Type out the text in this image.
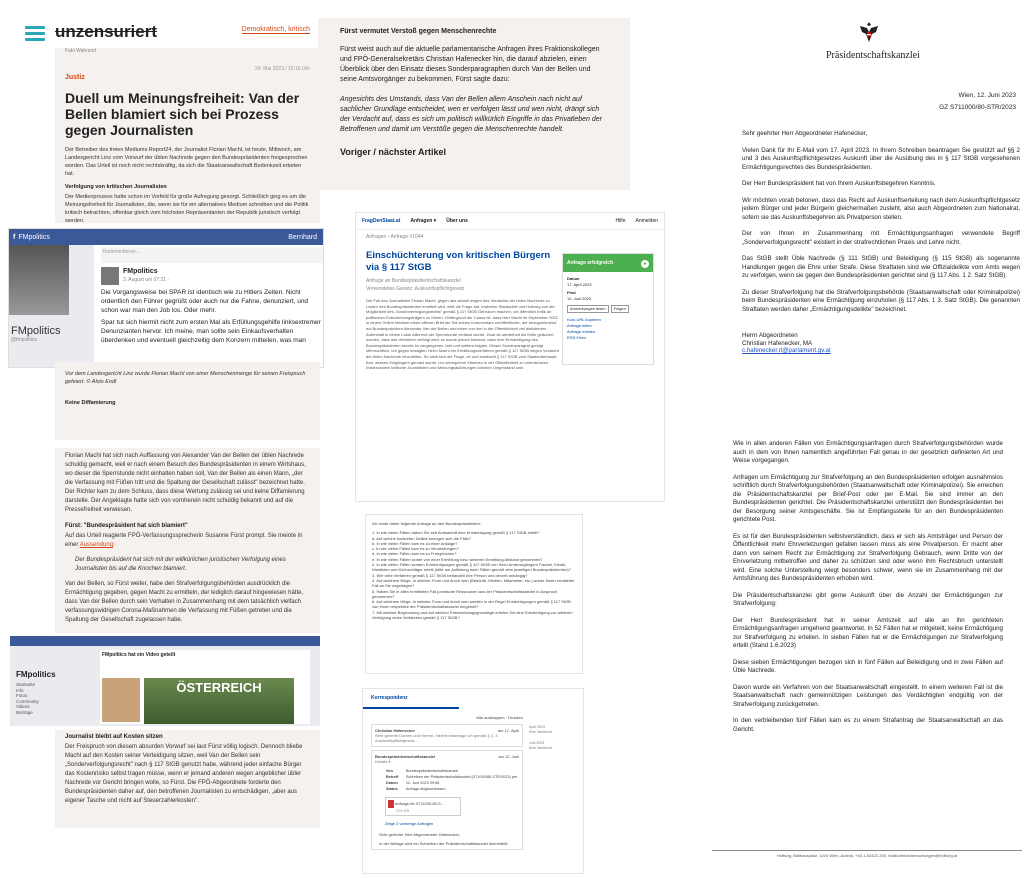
unzensuriert	Demokratisch, kritisch
Fabi Wakrund
Justiz
24. Mai 2023 / 15:16 Uhr
Duell um Meinungsfreiheit: Van der Bellen blamiert sich bei Prozess gegen Journalisten

Der Betreiber des freien Mediums Report24, der Journalist Florian Machl, ist heute, Mittwoch, am Landesgericht Linz vom Vorwurf der üblen Nachrede gegen den Bundespräsidenten freigesprochen worden. Das Urteil ist noch nicht rechtskräftig, da sich die Staatsanwaltschaft Bedenkzeit erbeten hat.

Verfolgung von kritischen Journalisten

Der Medienprozess hatte schon im Vorfeld für große Aufregung gesorgt. Schließlich ging es um die Meinungsfreiheit für Journalisten, die, wenn sie für ein alternatives Medium schreiben und die Politik kritisch betrachten, offenbar gleich vom höchsten Repräsentanten der Republik juristisch verfolgt werden.

f FMpolitics	Bernhard
FMpolitics
@fmpolitics
Kommentieren...
FMpolitics
3. August um 07:21 ·

Die Vorgangsweise bei SPAR ist identisch wie zu Hitlers Zeiten. Nicht ordentlich den Führer gegrüßt oder auch nur die Fahne, denunziert, und schon war man den Job los. Oder mehr.

Spar tut sich hiermit nicht zum ersten Mal als Erfüllungsgehilfe linksextremer Denunzianten hervor. Ich meine, man sollte sein Einkaufsverhalten überdenken und eventuell gleichzeitig dem Konzern mitteilen, was man

Vor dem Landesgericht Linz wurde Florian Machl von einer Menschenmenge für seinen Freispruch gefeiert. © Alois Endl

Keine Diffamierung

Florian Machl hat sich nach Auffassung von Alexander Van der Bellen der üblen Nachrede schuldig gemacht, weil er nach einem Besuch des Bundespräsidenten in einem Wirtshaus, wo dieser die Sperrstunde nicht einhalten haben soll, Van der Bellen als einen Mann, „der die Verfassung mit Füßen tritt und die Spaltung der Gesellschaft zulässt" bezeichnet hatte. Der Richter kam zu dem Schluss, dass diese Wertung zulässig sei und keine Diffamierung darstelle. Der Angeklagte hatte sich von vornherein nicht schuldig bekannt und auf die Pressefreiheit verwiesen.

Fürst: "Bundespräsident hat sich blamiert"

Auf das Urteil reagierte FPÖ-Verfassungssprecherin Susanne Fürst prompt. Sie meinte in einer Aussendung:

Der Bundespräsident hat sich mit der willkürlichen juristischen Verfolgung eines Journalisten bis auf die Knochen blamiert.

Van der Bellen, so Fürst weiter, habe den Strafverfolgungsbehörden ausdrücklich die Ermächtigung gegeben, gegen Machl zu ermitteln, der lediglich darauf hingewiesen hätte, dass Van der Bellen durch sein Verhalten in Zusammenhang mit dem tatsächlich vielfach verfassungswidrigen Corona-Maßnahmen die Verfassung mit Füßen getreten und die Spaltung der Gesellschaft zugelassen habe.

FMpolitics
Startseite
Info
Fotos
Community
Videos
Beiträge
FMpolitics hat ein Video geteilt
ÖSTERREICH
Journalist bleibt auf Kosten sitzen

Der Freispruch von diesem absurden Vorwurf sei laut Fürst völlig logisch. Dennoch bliebe Machl auf den Kosten seiner Verteidigung sitzen, weil Van der Bellen sein „Sonderverfolgungsrecht" nach § 117 StGB genutzt habe, während jeder einfache Bürger das Kostenrisiko selbst tragen müsse, wenn er jemand anderen wegen angeblicher übler Nachrede vor Gericht bringen wolle, so Fürst. Die FPÖ-Abgeordnete forderte den Bundespräsidenten daher auf, den betroffenen Journalisten zu entschädigen, „aber aus eigener Tasche und nicht auf Steuerzahlerkosten".

Fürst vermutet Verstoß gegen Menschenrechte

Fürst weist auch auf die aktuelle parlamentarische Anfragen ihres Fraktionskollegen und FPÖ-Generalsekretärs Christian Hafenecker hin, die darauf abzielen, einen Überblick über den Einsatz dieses Sonderparagraphen durch Van der Bellen und seine Amtsvorgänger zu bekommen. Fürst sagte dazu:

Angesichts des Umstands, dass Van der Bellen allem Anschein nach nicht auf sachlicher Grundlage entscheidet, wen er verfolgen lässt und wen nicht, drängt sich der Verdacht auf, dass es sich um politisch willkürlich Eingriffe in das Privatleben der Betroffenen und damit um Verstöße gegen die Menschenrechte handelt.

Voriger / nächster Artikel
FragDenStaat.at Anfragen ▾ Über uns	Hilfe Anmelden
Anfragen › Anfrage #1044
Einschüchterung von kritischen Bürgern via § 117 StGB
Anfrage an Bundespräsidentschaftskanzlei
Verwendetes Gesetz: Auskunftspflichtgesetz

Der Fall des Journalisten Florian Machl, gegen des aktuell wegen des Verdachts der üblen Nachrede zu Lasten des Bundespräsidenten ermittelt wird, wirft die Frage auf, inwiefern Staatschef und Hofburg von der Möglichkeit des „Sonderverfolgungsrechts" gemäß § 117 StGB Gebrauch machen, um öffentlich Kritik an politischen Entscheidungsträgern zu führen. Hintergrund der Causa ist, dass Herr Machl im September 2022 in einem Online-Medium einen offenen Brief als Teil seines Kommentars veröffentlichte, der bezugnehmend auf Bundespräsident Alexander Van der Bellen und einen von ihm in der Öffentlichkeit viel diskutierten Aufenthalt in einem Lokal während der Sperrstunde verfasst wurde. Zwar ist wiederholt die Kritik geäußert worden, dass das Verfahren verfolgt wird; es wurde jedoch bekannt, dass eine Ermächtigung des Bundespräsidenten bereits im vergangenen Jahr und weitere folgten. Dieser Sonderparagraf genügt offensichtlich, um gegen besagten Herrn Machl ein Ermittlungsverfahren gemäß § 117 StGB wegen Verdacht der üblen Nachrede einzuleiten. So stellt sich die Frage, ob und inwieweit § 117 StGB vom Staatsoberhaupt bzw. dessen Vorgängern genutzt wurde, um unbequeme Stimmen in der Öffentlichkeit zu unterdrücken. Insbesondere kritische Journalisten und Meinungsäußerungen könnten Gegenstand sein.

Anfrage erfolgreich	●
Datum
17. April 2023
Frist
12. Juni 2023
Anmerkungen lesen	Folgen
Kurz-URL kopieren
Anfrage teilen
Anfrage melden
RSS-Feed
Ich richte daher folgende Anfrage an den Bundespräsidenten:
1. In wie vielen Fällen haben Sie seit Amtsantritt eine Ermächtigung gemäß § 117 StGB erteilt?
a. Auf welche konkreten Delikte bezogen sich die Fälle?
b. In wie vielen Fällen kam es zu einer Anklage?
c. In wie vielen Fällen kam es zu Verurteilungen?
d. In wie vielen Fällen kam es zu Freisprüchen?
e. In wie vielen Fällen wurde von einer Ermittlung bzw. weiteren Ermittlung Abstand genommen?
2. In wie vielen Fällen wurden Ermächtigungen gemäß § 117 StGB von Ihren Amtsvorgängern Fischer, Klestil, Waldheim und Kirchschläger erteilt (bitte um Auflistung nach Fällen gemäß dem jeweiligen Bundespräsidenten)?
3. Wie viele Verfahren gemäß § 117 StGB behandelt Ihre Person und derzeit anhängig?
4. Auf welchem Wege, in welcher Form und durch wen (Behörde, Medien, Mitarbeiter, etc.) wurde Ihnen ermittelter Fall an Sie zugetragen?
5. Haben Sie in allen ermittelten Fall juristische Ressourcen aus der Präsidentschaftskanzlei in Anspruch genommen?
6. Auf welchem Wege, in welcher Form und durch wen werden in der Regel Ermächtigungen gemäß § 117 StGB von Ihnen respektive der Präsidentschaftskanzlei eingeholt?
7. Mit welcher Begründung und auf welcher Entscheidungsgrundlage erteilen Sie eine Ermächtigung zur weiteren Verfolgung eines Verfahrens gemäß § 117 StGB?
Korrespondenz
Alle ausklappen · Drucken
April 2023
Eine Nachricht
Juni 2023
Eine Nachricht
Christian Hafenecker	am 17. April
Sehr geehrte Damen und Herren, hiermit beantrage ich gemäß § 2, 3 Auskunftspflichtgesetz...
Bundespräsidentschaftskanzlei	am 12. Juni
Details ▾
Von	Bundespräsidentschaftskanzlei
Betreff	Schreiben der Präsidentschaftskanzlei (S71000/80-STR/2023) per
Datum	12. Juni 2023 09:08
Status	Anfrage abgeschlossen
Anfrage-Nr-0711000-80-S...
230 KB
Zeige 2 vorherige Anfragen
Sehr geehrter Herr Abgeordneter Hafenecker,
In der Beilage wird ein Schreiben der Präsidentschaftskanzlei übermittelt.
Präsidentschaftskanzlei
Wien, 12. Juni 2023
GZ S711000/80-STR/2023

Sehr geehrter Herr Abgeordneter Hafenecker,

Vielen Dank für Ihr E-Mail vom 17. April 2023. In Ihrem Schreiben beantragen Sie gestützt auf §§ 2 und 3 des Auskunftspflichtgesetzes Auskunft über die Ausübung des in § 117 StGB vorgesehenen Ermächtigungsrechtes des Bundespräsidenten.

Der Herr Bundespräsident hat von Ihrem Auskunftsbegehren Kenntnis.

Wir möchten vorab betonen, dass das Recht auf Auskunftserteilung nach dem Auskunftspflichtgesetz jedem Bürger und jeder Bürgerin gleichermaßen zusteht, also auch Abgeordneten zum Nationalrat, sofern sie das Auskunftsbegehren als Privatperson stellen.

Der von Ihnen im Zusammenhang mit Ermächtigungsanfragen verwendete Begriff „Sonderverfolgungsrecht" existiert in der strafrechtlichen Praxis und Lehre nicht.

Das StGB stellt Üble Nachrede (§ 111 StGB) und Beleidigung (§ 115 StGB) als sogenannte Handlungen gegen die Ehre unter Strafe. Diese Straftaten sind wie Offizialdelikte vom Amts wegen zu verfolgen, wenn sie gegen den Bundespräsidenten gerichtet sind (§ 117 Abs. 1 2. Satz StGB).

Zu dieser Strafverfolgung hat die Strafverfolgungsbehörde (Staatsanwaltschaft oder Kriminalpolizei) beim Bundespräsidenten eine Ermächtigung einzuholen (§ 117 Abs. 1 3. Satz StGB). Die genannten Straftaten werden daher „Ermächtigungsdelikte" bezeichnet.

Herrn Abgeordneten
Christian Hafenecker, MA
c.hafenecker.rl@parlament.gv.at

Wie in allen anderen Fällen von Ermächtigungsanfragen durch Strafverfolgungsbehörden wurde auch in dem von Ihnen namentlich angeführten Fall genau in der gesetzlich definierten Art und Weise vorgegangen.

Anfragen um Ermächtigung zur Strafverfolgung an den Bundespräsidenten erfolgen ausnahmslos schriftlich durch Strafverfolgungsbehörden (Staatsanwaltschaft oder Kriminalpolizei). Sie erreichen die Präsidentschaftskanzlei per Brief-Post oder per E-Mail. Sie sind immer an den Bundespräsidenten gerichtet. Die Präsidentschaftskanzlei unterstützt den Bundespräsidenten bei der Besorgung seiner Amtsgeschäfte. Sie ist Empfangsstelle für an den Bundespräsidenten gerichtete Post.

Es ist für den Bundespräsidenten selbstverständlich, dass er sich als Amtsträger und Person der Öffentlichkeit mehr Ehrverletzungen gefallen lassen muss als eine Privatperson. Er macht aber dann von seinem Recht zur Ermächtigung zur Strafverfolgung Gebrauch, wenn Dritte von der Ehrverletzung mitbetroffen und daher zu schützen sind oder wenn ihm Rechtsbruch unterstellt wird. Eine solche Unterstellung wiegt besonders schwer, wenn sie im Zusammenhang mit der Amtsführung des Bundespräsidenten erhoben wird.

Die Präsidentschaftskanzlei gibt gerne Auskunft über die Anzahl der Ermächtigungen zur Strafverfolgung:

Der Herr Bundespräsident hat in seiner Amtszeit auf alle an ihn gerichteten Ermächtigungsanfragen umgehend geantwortet. In 52 Fällen hat er mitgeteilt, keine Ermächtigung zur Strafverfolgung zu erteilen. In sieben Fällen hat er die Ermächtigungen zur Strafverfolgung erteilt (Stand 1.6.2023)

Diese sieben Ermächtigungen bezogen sich in fünf Fällen auf Beleidigung und in zwei Fällen auf Üble Nachrede.

Davon wurde ein Verfahren von der Staatsanwaltschaft eingestellt. In einem weiteren Fall ist die Staatsanwaltschaft nach gemeinnützigen Leistungen des Verdächtigten endgültig von der Strafverfolgung zurückgetreten.

In den verbleibenden fünf Fällen kam es zu einem Strafantrag der Staatsanwaltschaft an das Gericht.

Hofburg, Ballhausplatz, 1010 Wien, Austria, +43-1-53422-330, mailto:bekanntmachungen@hofburg.at
